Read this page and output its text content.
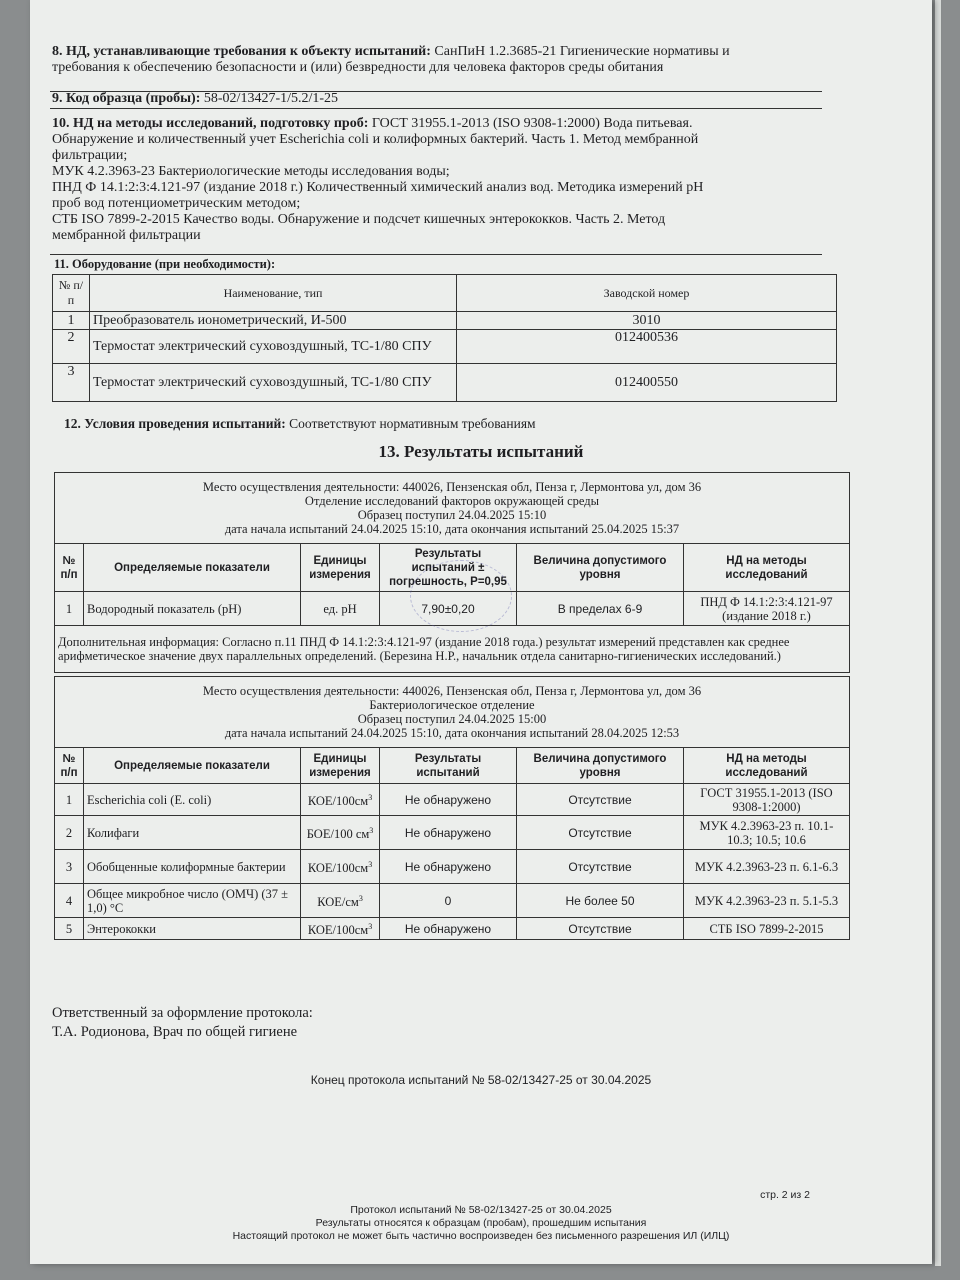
8. НД, устанавливающие требования к объекту испытаний: СанПиН 1.2.3685-21 Гигиенические нормативы и
требования к обеспечению безопасности и (или) безвредности для человека факторов среды обитания
9. Код образца (пробы): 58-02/13427-1/5.2/1-25
10. НД на методы исследований, подготовку проб: ГОСТ 31955.1-2013 (ISO 9308-1:2000) Вода питьевая.
Обнаружение и количественный учет Escherichia coli и колиформных бактерий. Часть 1. Метод мембранной
фильтрации;
МУК 4.2.3963-23 Бактериологические методы исследования воды;
ПНД Ф 14.1:2:3:4.121-97 (издание 2018 г.) Количественный химический анализ вод. Методика измерений pH
проб вод потенциометрическим методом;
СТБ ISO 7899-2-2015 Качество воды. Обнаружение и подсчет кишечных энтерококков. Часть 2. Метод
мембранной фильтрации
11. Оборудование (при необходимости):
№ п/п	Наименование, тип	Заводской номер
1	Преобразователь ионометрический, И-500	3010
2	Термостат электрический суховоздушный, ТС-1/80 СПУ	012400536
3	Термостат электрический суховоздушный, ТС-1/80 СПУ	012400550
12. Условия проведения испытаний: Соответствуют нормативным требованиям
13. Результаты испытаний
Место осуществления деятельности: 440026, Пензенская обл, Пенза г, Лермонтова ул, дом 36
Отделение исследований факторов окружающей среды
Образец поступил 24.04.2025 15:10
дата начала испытаний 24.04.2025 15:10, дата окончания испытаний 25.04.2025 15:37					
№ п/п	Определяемые показатели	Единицы измерения	Результаты испытаний ± погрешность, Р=0,95	Величина допустимого уровня	НД на методы исследований
1	Водородный показатель (pH)	ед. pH	7,90±0,20	В пределах 6-9	ПНД Ф 14.1:2:3:4.121-97 (издание 2018 г.)
Дополнительная информация: Согласно п.11 ПНД Ф 14.1:2:3:4.121-97 (издание 2018 года.) результат измерений представлен как среднее арифметическое значение двух параллельных определений. (Березина Н.Р., начальник отдела санитарно-гигиенических исследований.)					
Место осуществления деятельности: 440026, Пензенская обл, Пенза г, Лермонтова ул, дом 36
Бактериологическое отделение
Образец поступил 24.04.2025 15:00
дата начала испытаний 24.04.2025 15:10, дата окончания испытаний 28.04.2025 12:53					
№ п/п	Определяемые показатели	Единицы измерения	Результаты испытаний	Величина допустимого уровня	НД на методы исследований
1	Escherichia coli (E. coli)	КОЕ/$100см^3$	Не обнаружено	Отсутствие	ГОСТ 31955.1-2013 (ISO 9308-1:2000)
2	Колифаги	БОЕ/100 $см^3$	Не обнаружено	Отсутствие	МУК 4.2.3963-23 п. 10.1-10.3; 10.5; 10.6
3	Обобщенные колиформные бактерии	КОЕ/$100см^3$	Не обнаружено	Отсутствие	МУК 4.2.3963-23 п. 6.1-6.3
4	Общее микробное число (ОМЧ) (37 ± 1,0) °C	КОЕ/$см^3$	0	Не более 50	МУК 4.2.3963-23 п. 5.1-5.3
5	Энтерококки	КОЕ/$100см^3$	Не обнаружено	Отсутствие	СТБ ISO 7899-2-2015
Ответственный за оформление протокола:
Т.А. Родионова, Врач по общей гигиене
Конец протокола испытаний № 58-02/13427-25 от 30.04.2025
стр. 2 из 2
Протокол испытаний № 58-02/13427-25 от 30.04.2025
Результаты относятся к образцам (пробам), прошедшим испытания
Настоящий протокол не может быть частично воспроизведен без письменного разрешения ИЛ (ИЛЦ)
